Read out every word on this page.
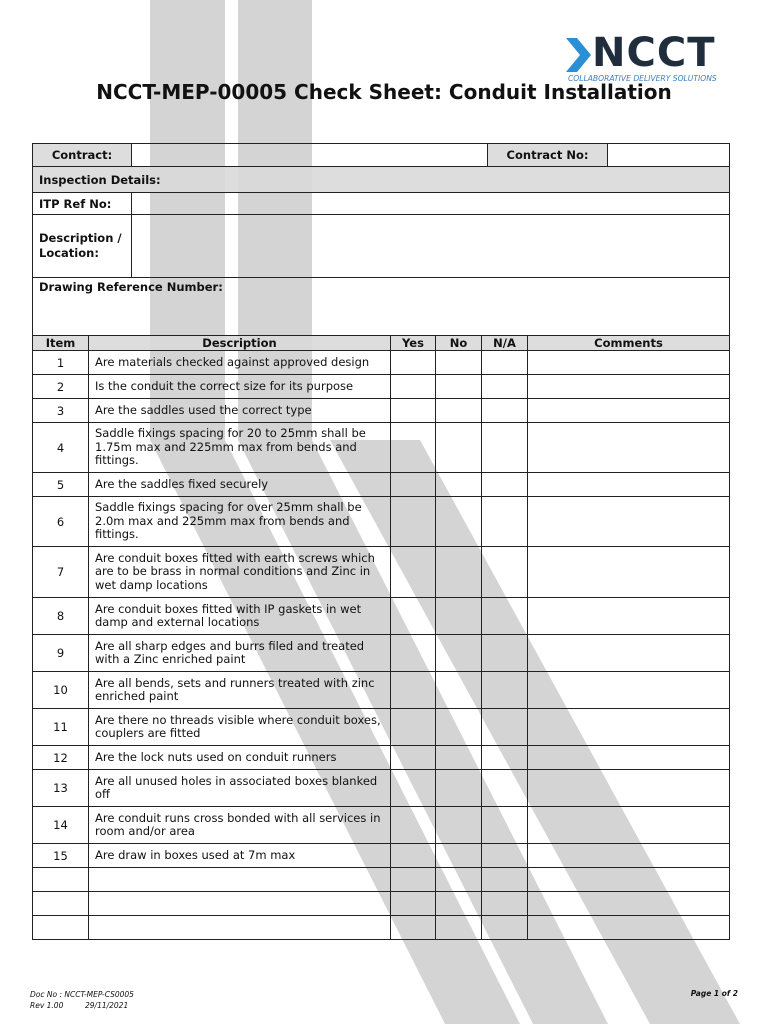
NCCT
COLLABORATIVE DELIVERY SOLUTIONS
NCCT-MEP-00005 Check Sheet: Conduit Installation
Contract:		Contract No:	
Inspection Details:			
ITP Ref No:			
Description / Location:			
Drawing Reference Number:			
Item	Description	Yes	No	N/A	Comments
1	Are materials checked against approved design				
2	Is the conduit the correct size for its purpose				
3	Are the saddles used the correct type				
4	Saddle fixings spacing for 20 to 25mm shall be 1.75m max and 225mm max from bends and fittings.				
5	Are the saddles fixed securely				
6	Saddle fixings spacing for over 25mm shall be 2.0m max and 225mm max from bends and fittings.				
7	Are conduit boxes fitted with earth screws which are to be brass in normal conditions and Zinc in wet damp locations				
8	Are conduit boxes fitted with IP gaskets in wet damp and external locations				
9	Are all sharp edges and burrs filed and treated with a Zinc enriched paint				
10	Are all bends, sets and runners treated with zinc enriched paint				
11	Are there no threads visible where conduit boxes, couplers are fitted				
12	Are the lock nuts used on conduit runners				
13	Are all unused holes in associated boxes blanked off				
14	Are conduit runs cross bonded with all services in room and/or area				
15	Are draw in boxes used at 7m max				

Doc No : NCCT-MEP-CS0005
Rev 1.00	29/11/2021
Page 1 of 2
